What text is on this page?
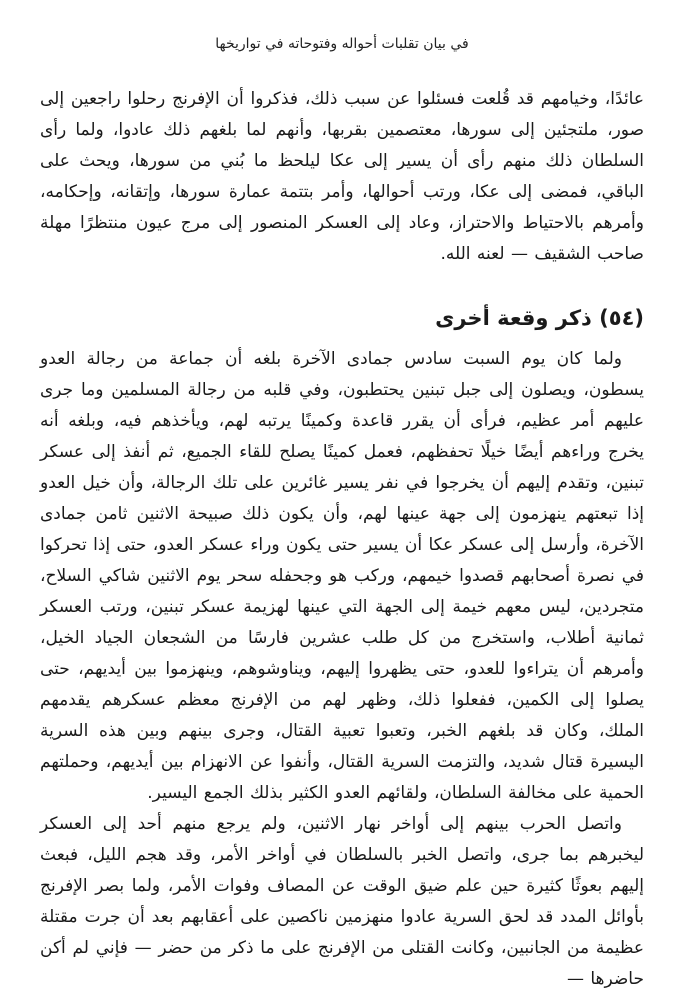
في بيان تقلبات أحواله وفتوحاته في تواريخها

عائدًا، وخيامهم قد قُلعت فسئلوا عن سبب ذلك، فذكروا أن الإفرنج رحلوا راجعين إلى صور، ملتجئين إلى سورها، معتصمين بقربها، وأنهم لما بلغهم ذلك عادوا، ولما رأى السلطان ذلك منهم رأى أن يسير إلى عكا ليلحظ ما بُني من سورها، ويحث على الباقي، فمضى إلى عكا، ورتب أحوالها، وأمر بتتمة عمارة سورها، وإتقانه، وإحكامه، وأمرهم بالاحتياط والاحتراز، وعاد إلى العسكر المنصور إلى مرج عيون منتظرًا مهلة صاحب الشقيف — لعنه الله.

(٥٤) ذكر وقعة أخرى

ولما كان يوم السبت سادس جمادى الآخرة بلغه أن جماعة من رجالة العدو يسطون، ويصلون إلى جبل تبنين يحتطبون، وفي قلبه من رجالة المسلمين وما جرى عليهم أمر عظيم، فرأى أن يقرر قاعدة وكمينًا يرتبه لهم، ويأخذهم فيه، وبلغه أنه يخرج وراءهم أيضًا خيلًا تحفظهم، فعمل كمينًا يصلح للقاء الجميع، ثم أنفذ إلى عسكر تبنين، وتقدم إليهم أن يخرجوا في نفر يسير غائرين على تلك الرجالة، وأن خيل العدو إذا تبعتهم ينهزمون إلى جهة عينها لهم، وأن يكون ذلك صبيحة الاثنين ثامن جمادى الآخرة، وأرسل إلى عسكر عكا أن يسير حتى يكون وراء عسكر العدو، حتى إذا تحركوا في نصرة أصحابهم قصدوا خيمهم، وركب هو وجحفله سحر يوم الاثنين شاكي السلاح، متجردين، ليس معهم خيمة إلى الجهة التي عينها لهزيمة عسكر تبنين، ورتب العسكر ثمانية أطلاب، واستخرج من كل طلب عشرين فارسًا من الشجعان الجياد الخيل، وأمرهم أن يتراءوا للعدو، حتى يظهروا إليهم، ويناوشوهم، وينهزموا بين أيديهم، حتى يصلوا إلى الكمين، ففعلوا ذلك، وظهر لهم من الإفرنج معظم عسكرهم يقدمهم الملك، وكان قد بلغهم الخبر، وتعبوا تعبية القتال، وجرى بينهم وبين هذه السرية اليسيرة قتال شديد، والتزمت السرية القتال، وأنفوا عن الانهزام بين أيديهم، وحملتهم الحمية على مخالفة السلطان، ولقائهم العدو الكثير بذلك الجمع اليسير.

واتصل الحرب بينهم إلى أواخر نهار الاثنين، ولم يرجع منهم أحد إلى العسكر ليخبرهم بما جرى، واتصل الخبر بالسلطان في أواخر الأمر، وقد هجم الليل، فبعث إليهم بعوثًا كثيرة حين علم ضيق الوقت عن المصاف وفوات الأمر، ولما بصر الإفرنج بأوائل المدد قد لحق السرية عادوا منهزمين ناكصين على أعقابهم بعد أن جرت مقتلة عظيمة من الجانبين، وكانت القتلى من الإفرنج على ما ذكر من حضر — فإني لم أكن حاضرها —
